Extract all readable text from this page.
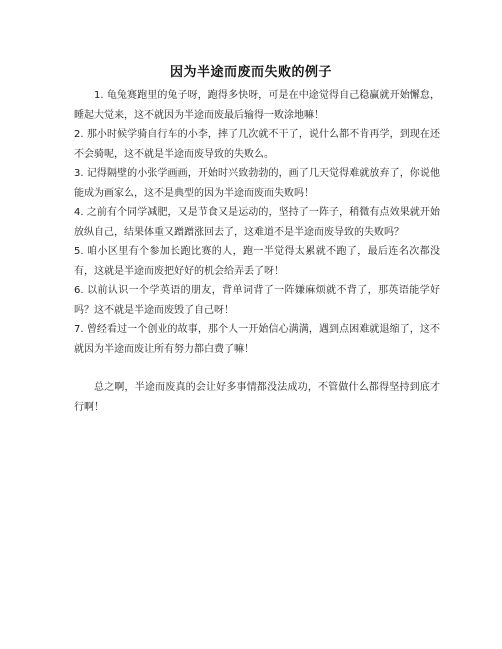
因为半途而废而失败的例子

1. 龟兔赛跑里的兔子呀，跑得多快呀，可是在中途觉得自己稳赢就开始懈怠，睡起大觉来，这不就因为半途而废最后输得一败涂地嘛！

2. 那小时候学骑自行车的小李，摔了几次就不干了，说什么都不肯再学，到现在还不会骑呢，这不就是半途而废导致的失败么。

3. 记得隔壁的小张学画画，开始时兴致勃勃的，画了几天觉得难就放弃了，你说他能成为画家么，这不是典型的因为半途而废而失败吗！

4. 之前有个同学减肥，又是节食又是运动的，坚持了一阵子，稍微有点效果就开始放纵自己，结果体重又蹭蹭涨回去了，这难道不是半途而废导致的失败吗？

5. 咱小区里有个参加长跑比赛的人，跑一半觉得太累就不跑了，最后连名次都没有，这就是半途而废把好好的机会给弄丢了呀！

6. 以前认识一个学英语的朋友，背单词背了一阵嫌麻烦就不背了，那英语能学好吗？这不就是半途而废毁了自己呀！

7. 曾经看过一个创业的故事，那个人一开始信心满满，遇到点困难就退缩了，这不就因为半途而废让所有努力都白费了嘛！

总之啊，半途而废真的会让好多事情都没法成功，不管做什么都得坚持到底才行啊！
